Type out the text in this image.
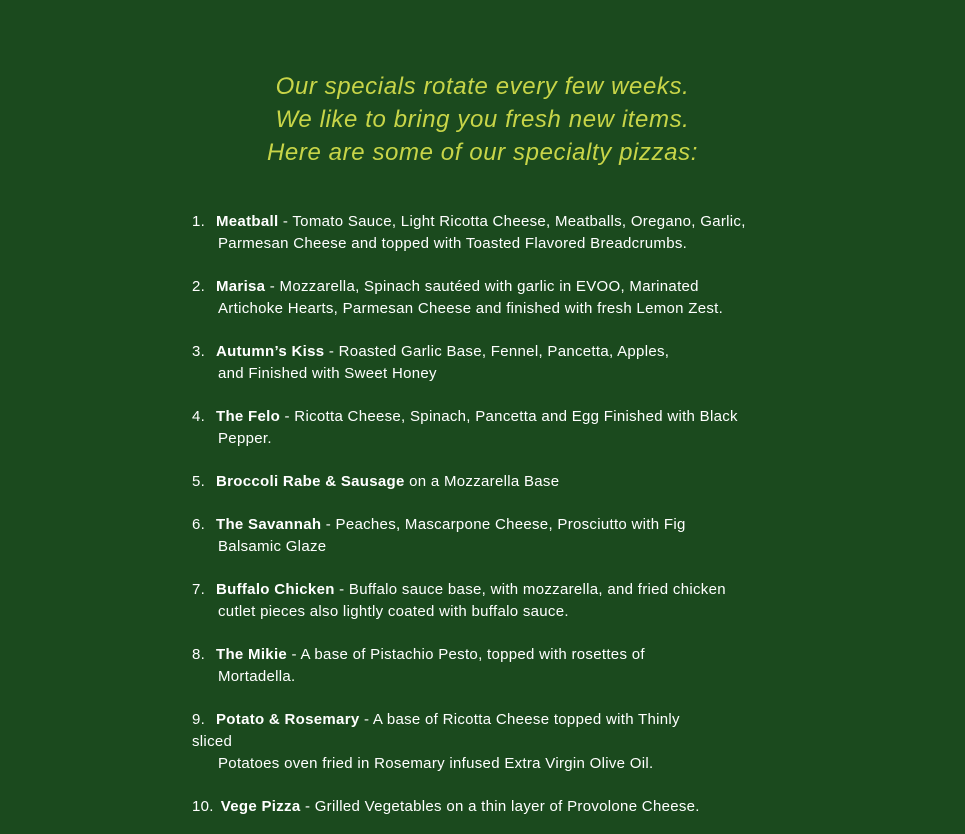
Our specials rotate every few weeks.
We like to bring you fresh new items.
Here are some of our specialty pizzas:
1. Meatball - Tomato Sauce, Light Ricotta Cheese, Meatballs, Oregano, Garlic,
Parmesan Cheese and topped with Toasted Flavored Breadcrumbs.
2. Marisa - Mozzarella, Spinach sautéed with garlic in EVOO, Marinated
Artichoke Hearts, Parmesan Cheese and finished with fresh Lemon Zest.
3. Autumn’s Kiss - Roasted Garlic Base, Fennel, Pancetta, Apples,
and Finished with Sweet Honey
4. The Felo - Ricotta Cheese, Spinach, Pancetta and Egg Finished with Black
Pepper.
5. Broccoli Rabe & Sausage on a Mozzarella Base
6. The Savannah - Peaches, Mascarpone Cheese, Prosciutto with Fig
Balsamic Glaze
7. Buffalo Chicken - Buffalo sauce base, with mozzarella, and fried chicken
cutlet pieces also lightly coated with buffalo sauce.
8. The Mikie - A base of Pistachio Pesto, topped with rosettes of
Mortadella.
9. Potato & Rosemary - A base of Ricotta Cheese topped with Thinly
sliced
Potatoes oven fried in Rosemary infused Extra Virgin Olive Oil.
10. Vege Pizza - Grilled Vegetables on a thin layer of Provolone Cheese.
